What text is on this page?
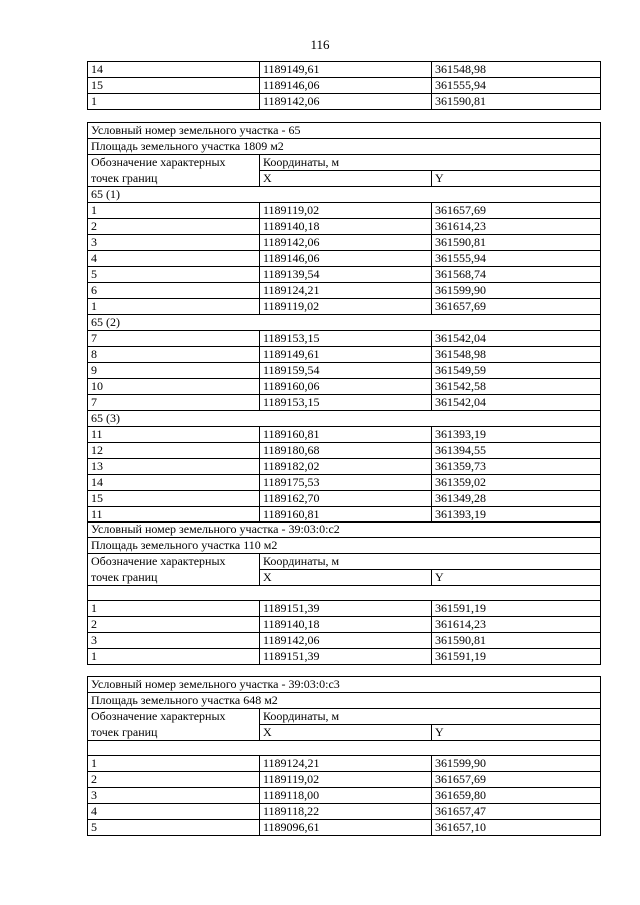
116
14	1189149,61	361548,98
15	1189146,06	361555,94
1	1189142,06	361590,81
Условный номер земельного участка - 65		
Площадь земельного участка 1809 м2		
Обозначение характерных	Координаты, м	
точек границ	X	Y
65 (1)		
1	1189119,02	361657,69
2	1189140,18	361614,23
3	1189142,06	361590,81
4	1189146,06	361555,94
5	1189139,54	361568,74
6	1189124,21	361599,90
1	1189119,02	361657,69
65 (2)		
7	1189153,15	361542,04
8	1189149,61	361548,98
9	1189159,54	361549,59
10	1189160,06	361542,58
7	1189153,15	361542,04
65 (3)		
11	1189160,81	361393,19
12	1189180,68	361394,55
13	1189182,02	361359,73
14	1189175,53	361359,02
15	1189162,70	361349,28
11	1189160,81	361393,19
Условный номер земельного участка - 39:03:0:с2		
Площадь земельного участка 110 м2		
Обозначение характерных	Координаты, м	
точек границ	X	Y

1	1189151,39	361591,19
2	1189140,18	361614,23
3	1189142,06	361590,81
1	1189151,39	361591,19
Условный номер земельного участка - 39:03:0:с3		
Площадь земельного участка 648 м2		
Обозначение характерных	Координаты, м	
точек границ	X	Y

1	1189124,21	361599,90
2	1189119,02	361657,69
3	1189118,00	361659,80
4	1189118,22	361657,47
5	1189096,61	361657,10
